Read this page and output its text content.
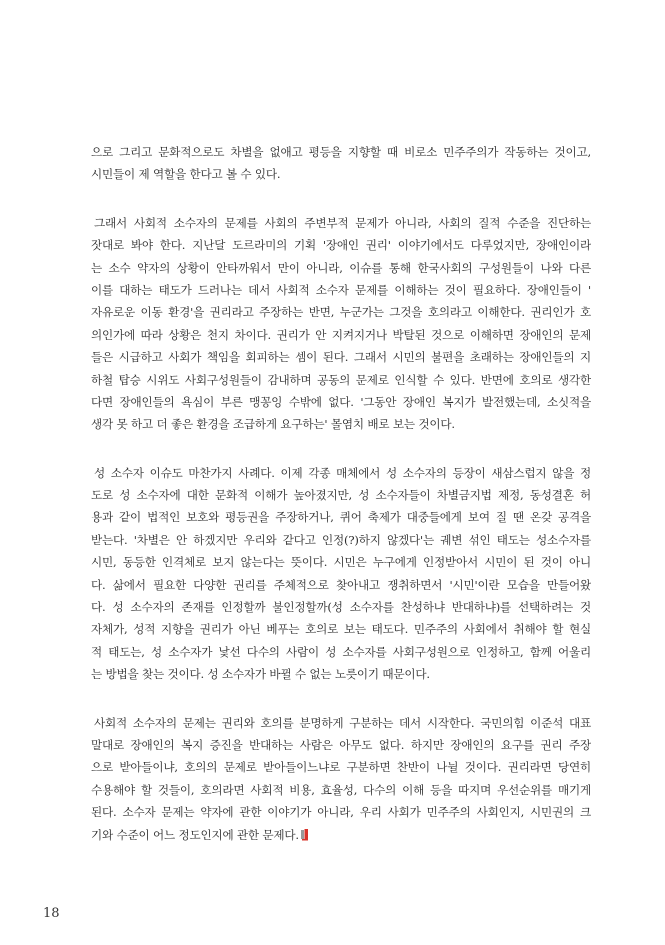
으로 그리고 문화적으로도 차별을 없애고 평등을 지향할 때 비로소 민주주의가 작동하는 것이고,
시민들이 제 역할을 한다고 볼 수 있다.
그래서 사회적 소수자의 문제를 사회의 주변부적 문제가 아니라, 사회의 질적 수준을 진단하는
잣대로 봐야 한다. 지난달 도르라미의 기획 '장애인 권리' 이야기에서도 다루었지만, 장애인이라
는 소수 약자의 상황이 안타까워서 만이 아니라, 이슈를 통해 한국사회의 구성원들이 나와 다른
이를 대하는 태도가 드러나는 데서 사회적 소수자 문제를 이해하는 것이 필요하다. 장애인들이 '
자유로운 이동 환경'을 권리라고 주장하는 반면, 누군가는 그것을 호의라고 이해한다. 권리인가 호
의인가에 따라 상황은 천지 차이다. 권리가 안 지켜지거나 박탈된 것으로 이해하면 장애인의 문제
들은 시급하고 사회가 책임을 회피하는 셈이 된다. 그래서 시민의 불편을 초래하는 장애인들의 지
하철 탑승 시위도 사회구성원들이 감내하며 공동의 문제로 인식할 수 있다. 반면에 호의로 생각한
다면 장애인들의 욕심이 부른 맹꽁잉 수밖에 없다. '그동안 장애인 복지가 발전했는데, 소싯적을
생각 못 하고 더 좋은 환경을 조급하게 요구하는' 몰염치 배로 보는 것이다.
성 소수자 이슈도 마찬가지 사례다. 이제 각종 매체에서 성 소수자의 등장이 새삼스럽지 않을 정
도로 성 소수자에 대한 문화적 이해가 높아졌지만, 성 소수자들이 차별금지법 제정, 동성결혼 허
용과 같이 법적인 보호와 평등권을 주장하거나, 퀴어 축제가 대중들에게 보여 질 땐 온갖 공격을
받는다. '차별은 안 하겠지만 우리와 같다고 인정(?)하지 않겠다'는 궤변 섞인 태도는 성소수자를
시민, 동등한 인격체로 보지 않는다는 뜻이다. 시민은 누구에게 인정받아서 시민이 된 것이 아니
다. 삶에서 필요한 다양한 권리를 주체적으로 찾아내고 쟁취하면서 '시민'이란 모습을 만들어왔
다. 성 소수자의 존재를 인정할까 불인정할까(성 소수자를 찬성하냐 반대하냐)를 선택하려는 것
자체가, 성적 지향을 권리가 아닌 베푸는 호의로 보는 태도다. 민주주의 사회에서 취해야 할 현실
적 태도는, 성 소수자가 낯선 다수의 사람이 성 소수자를 사회구성원으로 인정하고, 함께 어울리
는 방법을 찾는 것이다. 성 소수자가 바뀔 수 없는 노릇이기 때문이다.
사회적 소수자의 문제는 권리와 호의를 분명하게 구분하는 데서 시작한다. 국민의힘 이준석 대표
말대로 장애인의 복지 증진을 반대하는 사람은 아무도 없다. 하지만 장애인의 요구를 권리 주장
으로 받아들이냐, 호의의 문제로 받아들이느냐로 구분하면 찬반이 나뉠 것이다. 권리라면 당연히
수용해야 할 것들이, 호의라면 사회적 비용, 효율성, 다수의 이해 등을 따지며 우선순위를 매기게
된다. 소수자 문제는 약자에 관한 이야기가 아니라, 우리 사회가 민주주의 사회인지, 시민권의 크
기와 수준이 어느 정도인지에 관한 문제다.
18
